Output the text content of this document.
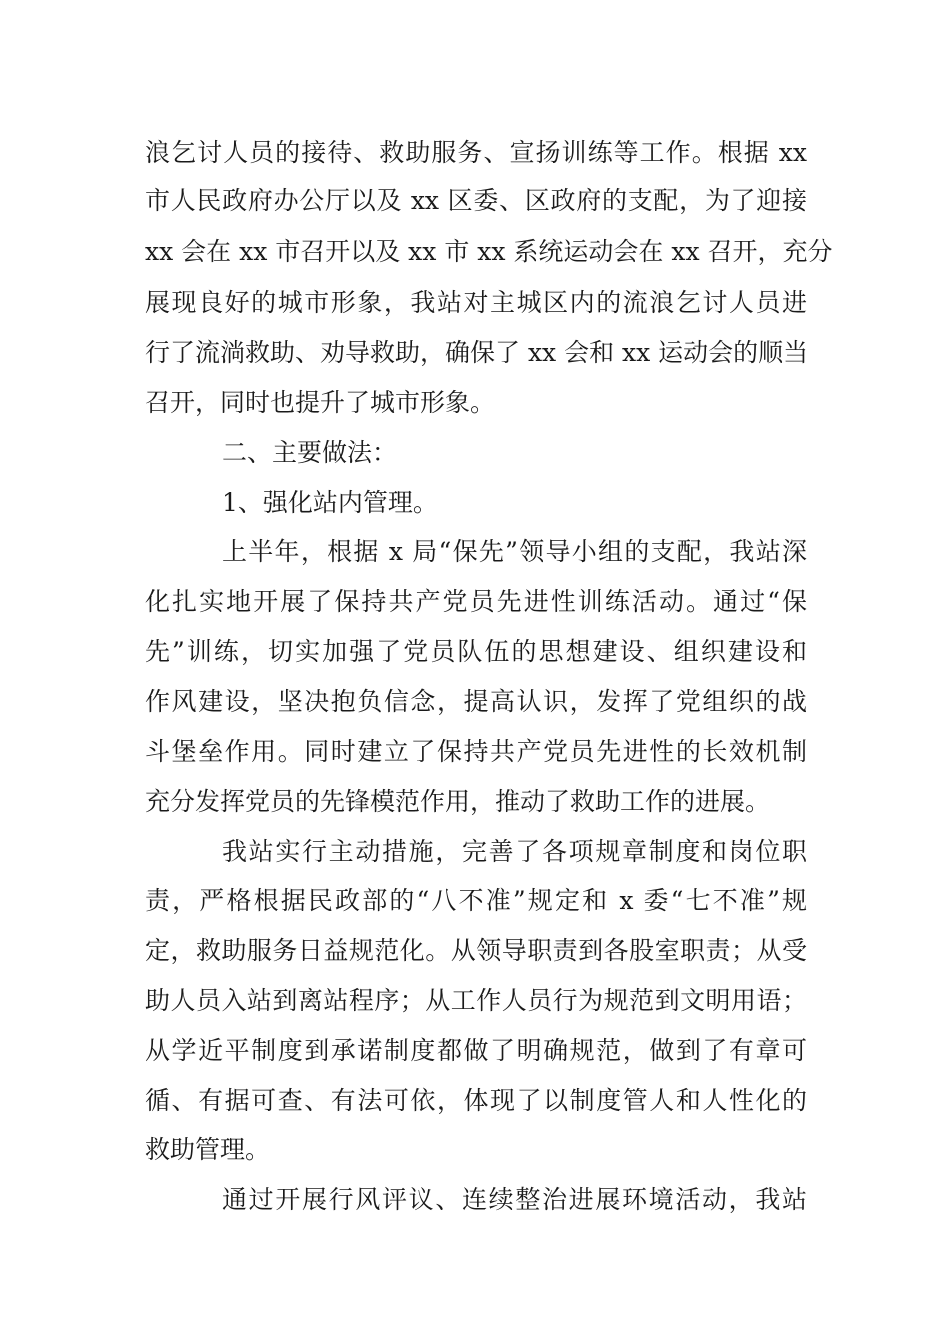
浪乞讨人员的接待、救助服务、宣扬训练等工作。根据 xx
市人民政府办公厅以及 xx 区委、区政府的支配，为了迎接
xx 会在 xx 市召开以及 xx 市 xx 系统运动会在 xx 召开，充分
展现良好的城市形象，我站对主城区内的流浪乞讨人员进
行了流淌救助、劝导救助，确保了 xx 会和 xx 运动会的顺当
召开，同时也提升了城市形象。
二、主要做法：
1、强化站内管理。
上半年，根据 x 局“保先”领导小组的支配，我站深
化扎实地开展了保持共产党员先进性训练活动。通过“保
先”训练，切实加强了党员队伍的思想建设、组织建设和
作风建设，坚决抱负信念，提高认识，发挥了党组织的战
斗堡垒作用。同时建立了保持共产党员先进性的长效机制
充分发挥党员的先锋模范作用，推动了救助工作的进展。
我站实行主动措施，完善了各项规章制度和岗位职
责，严格根据民政部的“八不准”规定和 x 委“七不准”规
定，救助服务日益规范化。从领导职责到各股室职责；从受
助人员入站到离站程序；从工作人员行为规范到文明用语；
从学近平制度到承诺制度都做了明确规范，做到了有章可
循、有据可查、有法可依，体现了以制度管人和人性化的
救助管理。
通过开展行风评议、连续整治进展环境活动，我站
